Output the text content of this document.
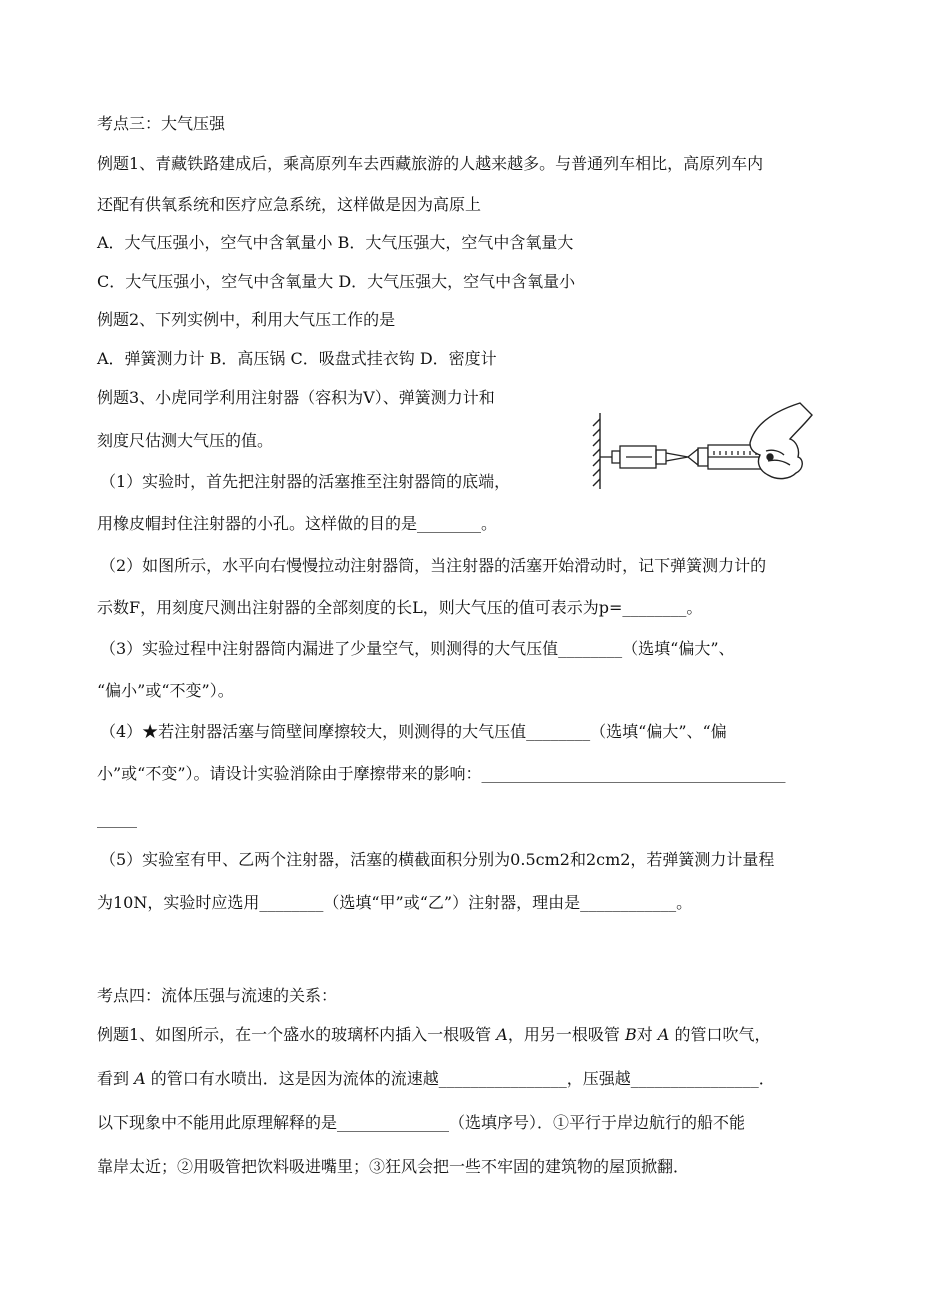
考点三：大气压强
例题1、青藏铁路建成后，乘高原列车去西藏旅游的人越来越多。与普通列车相比，高原列车内
还配有供氧系统和医疗应急系统，这样做是因为高原上
A．大气压强小，空气中含氧量小 B．大气压强大，空气中含氧量大
C．大气压强小，空气中含氧量大 D．大气压强大，空气中含氧量小
例题2、下列实例中，利用大气压工作的是
A．弹簧测力计 B．高压锅 C．吸盘式挂衣钩 D．密度计
例题3、小虎同学利用注射器（容积为V）、弹簧测力计和
刻度尺估测大气压的值。
（1）实验时，首先把注射器的活塞推至注射器筒的底端，
用橡皮帽封住注射器的小孔。这样做的目的是________。
（2）如图所示，水平向右慢慢拉动注射器筒，当注射器的活塞开始滑动时，记下弹簧测力计的
示数F，用刻度尺测出注射器的全部刻度的长L，则大气压的值可表示为p=________。
（3）实验过程中注射器筒内漏进了少量空气，则测得的大气压值________（选填“偏大”、
“偏小”或“不变”）。
（4）★若注射器活塞与筒壁间摩擦较大，则测得的大气压值________（选填“偏大”、“偏
小”或“不变”）。请设计实验消除由于摩擦带来的影响：______________________________________
_____
（5）实验室有甲、乙两个注射器，活塞的横截面积分别为0.5cm2和2cm2，若弹簧测力计量程
为10N，实验时应选用________（选填“甲”或“乙”）注射器，理由是____________。
考点四：流体压强与流速的关系：
例题1、如图所示，在一个盛水的玻璃杯内插入一根吸管 A，用另一根吸管 B对 A 的管口吹气，
看到 A 的管口有水喷出．这是因为流体的流速越________________，压强越________________．
以下现象中不能用此原理解释的是______________（选填序号）．①平行于岸边航行的船不能
靠岸太近；②用吸管把饮料吸进嘴里；③狂风会把一些不牢固的建筑物的屋顶掀翻．
